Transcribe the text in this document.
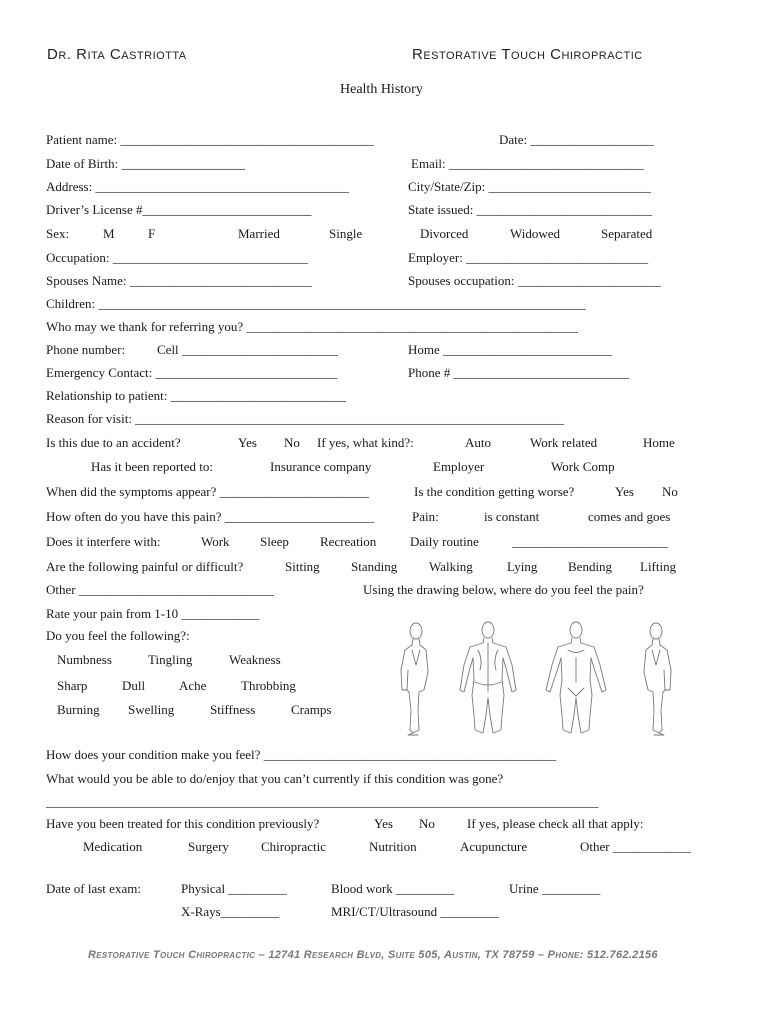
Dr. Rita Castriotta	Restorative Touch Chiropractic
Health History
Patient name: _______________________________________	Date: ___________________
Date of Birth: ___________________	Email: ______________________________
Address: _______________________________________	City/State/Zip: _________________________
Driver’s License #__________________________	State issued: ___________________________
Sex:	M	F	Married	Single	Divorced	Widowed	Separated
Occupation: ______________________________	Employer: ____________________________
Spouses Name: ____________________________	Spouses occupation: ______________________
Children: ___________________________________________________________________________
Who may we thank for referring you? ___________________________________________________
Phone number: Cell ________________________	Home __________________________
Emergency Contact: ____________________________	Phone # ___________________________
Relationship to patient: ___________________________
Reason for visit: __________________________________________________________________
Is this due to an accident?	Yes No If yes, what kind?:	Auto	Work related	Home
Has it been reported to:	Insurance company	Employer	Work Comp
When did the symptoms appear? _______________________	Is the condition getting worse?	Yes No
How often do you have this pain? _______________________	Pain:	is constant	comes and goes
Does it interfere with:	Work Sleep Recreation	Daily routine	________________________
Are the following painful or difficult?	Sitting Standing Walking	Lying Bending Lifting
Other ______________________________	Using the drawing below, where do you feel the pain?
Rate your pain from 1-10 ____________
Do you feel the following?:
Numbness	Tingling	Weakness
Sharp	Dull	Ache	Throbbing
Burning Swelling	Stiffness	Cramps
How does your condition make you feel? _____________________________________________
What would you be able to do/enjoy that you can’t currently if this condition was gone?
_____________________________________________________________________________________
Have you been treated for this condition previously?	Yes No If yes, please check all that apply:
Medication	Surgery Chiropractic	Nutrition	Acupuncture	Other ____________
Date of last exam:	Physical _________	Blood work _________	Urine _________
X-Rays_________	MRI/CT/Ultrasound _________
Restorative Touch Chiropractic – 12741 Research Blvd, Suite 505, Austin, TX 78759 – Phone: 512.762.2156
